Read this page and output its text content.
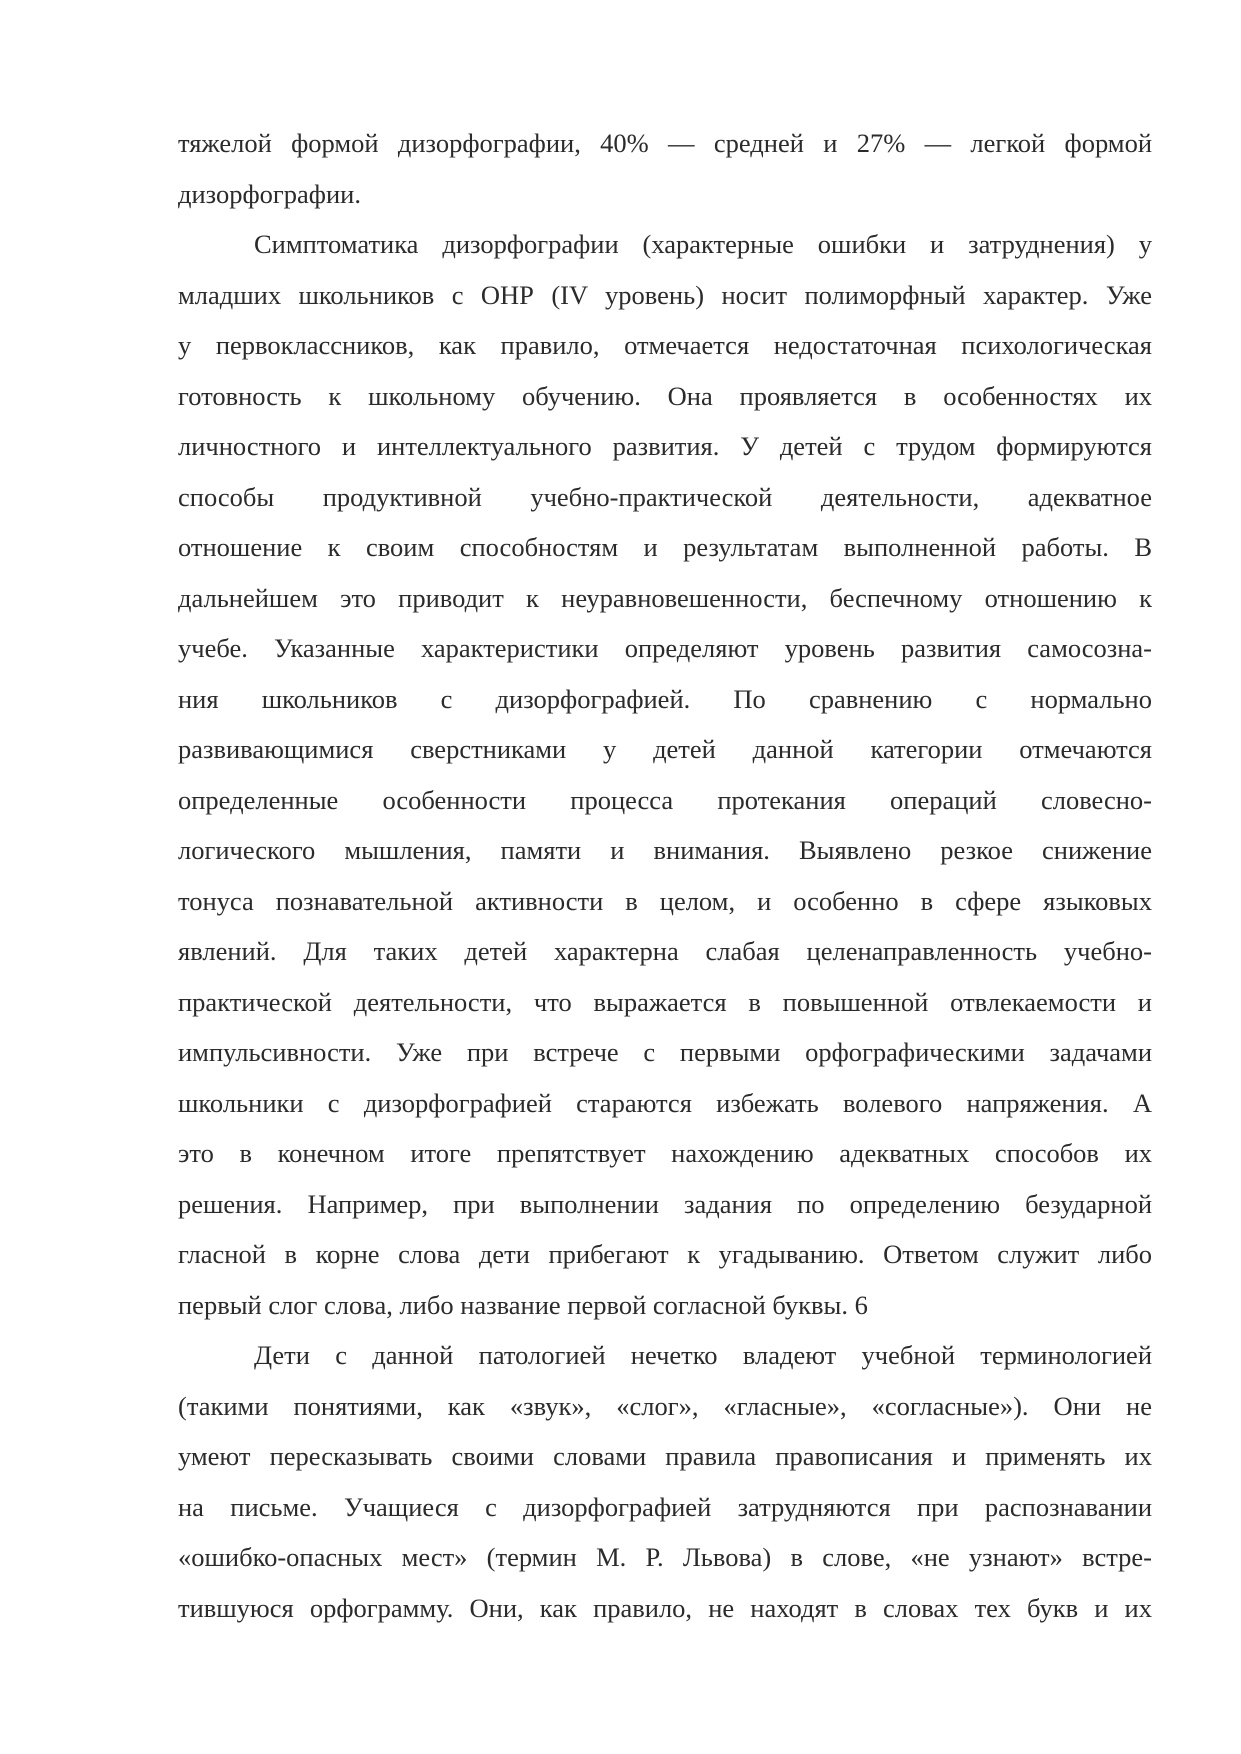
тяжелой формой дизорфографии, 40% — средней и 27% — легкой формой
дизорфографии.
Симптоматика дизорфографии (характерные ошибки и затруднения) у
младших школьников с ОНР (IV уровень) носит полиморфный характер. Уже
у первоклассников, как правило, отмечается недостаточная психологическая
готовность к школьному обучению. Она проявляется в особенностях их
личностного и интеллектуального развития. У детей с трудом формируются
способы продуктивной учебно-практической деятельности, адекватное
отношение к своим способностям и результатам выполненной работы. В
дальнейшем это приводит к неуравновешенности, беспечному отношению к
учебе. Указанные характеристики определяют уровень развития самосозна-
ния школьников с дизорфографией. По сравнению с нормально
развивающимися сверстниками у детей данной категории отмечаются
определенные особенности процесса протекания операций словесно-
логического мышления, памяти и внимания. Выявлено резкое снижение
тонуса познавательной активности в целом, и особенно в сфере языковых
явлений. Для таких детей характерна слабая целенаправленность учебно-
практической деятельности, что выражается в повышенной отвлекаемости и
импульсивности. Уже при встрече с первыми орфографическими задачами
школьники с дизорфографией стараются избежать волевого напряжения. А
это в конечном итоге препятствует нахождению адекватных способов их
решения. Например, при выполнении задания по определению безударной
гласной в корне слова дети прибегают к угадыванию. Ответом служит либо
первый слог слова, либо название первой согласной буквы. 6
Дети с данной патологией нечетко владеют учебной терминологией
(такими понятиями, как «звук», «слог», «гласные», «согласные»). Они не
умеют пересказывать своими словами правила правописания и применять их
на письме. Учащиеся с дизорфографией затрудняются при распознавании
«ошибко-опасных мест» (термин М. Р. Львова) в слове, «не узнают» встре-
тившуюся орфограмму. Они, как правило, не находят в словах тех букв и их
